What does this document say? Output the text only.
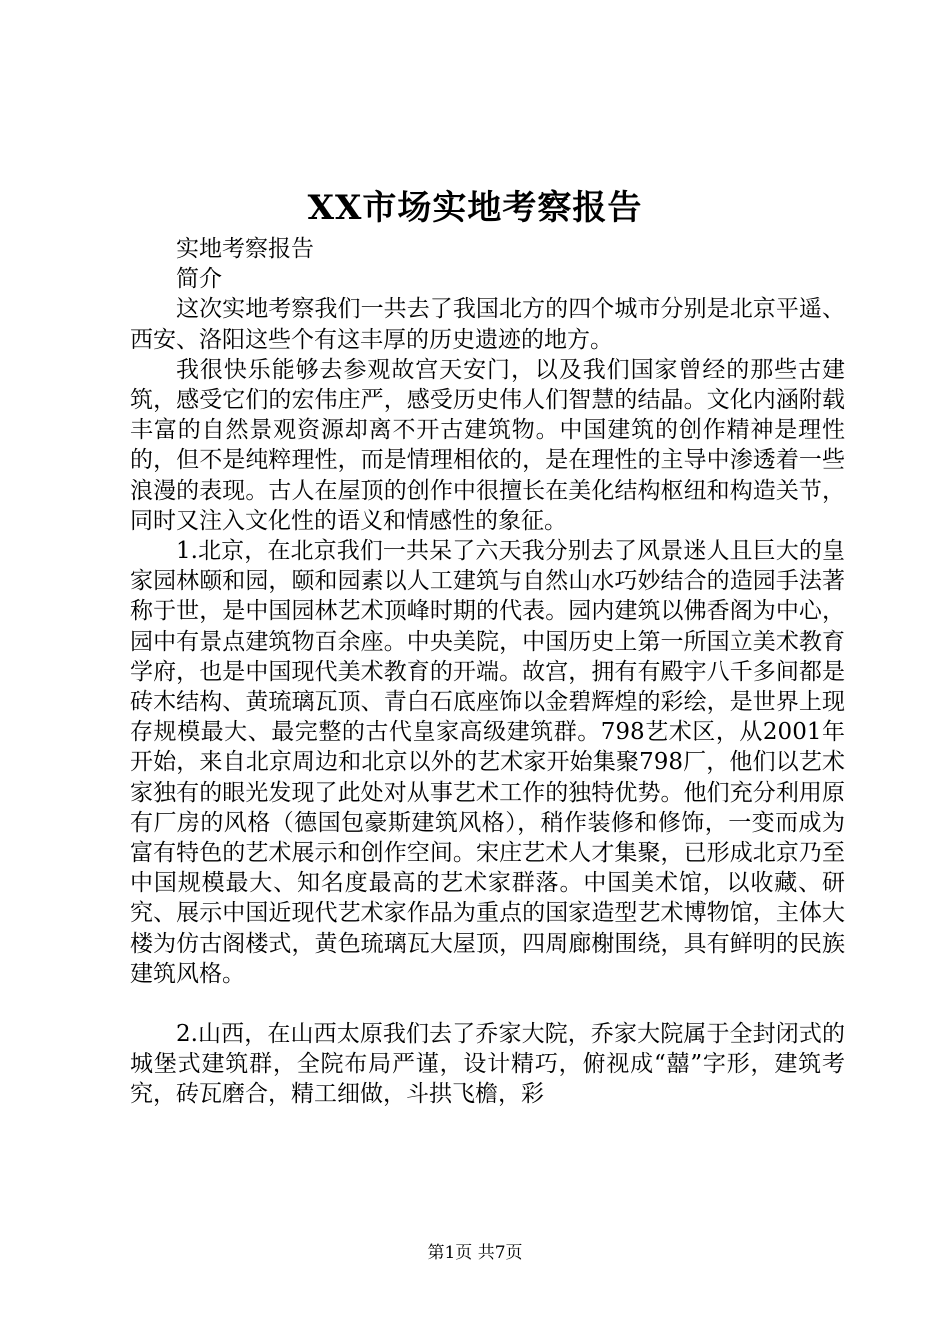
XX市场实地考察报告

实地考察报告

简介

这次实地考察我们一共去了我国北方的四个城市分别是北京平遥、西安、洛阳这些个有这丰厚的历史遗迹的地方。

我很快乐能够去参观故宫天安门，以及我们国家曾经的那些古建筑，感受它们的宏伟庄严，感受历史伟人们智慧的结晶。文化内涵附载丰富的自然景观资源却离不开古建筑物。中国建筑的创作精神是理性的，但不是纯粹理性，而是情理相依的，是在理性的主导中渗透着一些浪漫的表现。古人在屋顶的创作中很擅长在美化结构枢纽和构造关节，同时又注入文化性的语义和情感性的象征。

1.北京，在北京我们一共呆了六天我分别去了风景迷人且巨大的皇家园林颐和园，颐和园素以人工建筑与自然山水巧妙结合的造园手法著称于世，是中国园林艺术顶峰时期的代表。园内建筑以佛香阁为中心，园中有景点建筑物百余座。中央美院，中国历史上第一所国立美术教育学府，也是中国现代美术教育的开端。故宫，拥有有殿宇八千多间都是砖木结构、黄琉璃瓦顶、青白石底座饰以金碧辉煌的彩绘，是世界上现存规模最大、最完整的古代皇家高级建筑群。798艺术区，从2001年开始，来自北京周边和北京以外的艺术家开始集聚798厂，他们以艺术家独有的眼光发现了此处对从事艺术工作的独特优势。他们充分利用原有厂房的风格（德国包豪斯建筑风格），稍作装修和修饰，一变而成为富有特色的艺术展示和创作空间。宋庄艺术人才集聚，已形成北京乃至中国规模最大、知名度最高的艺术家群落。中国美术馆，以收藏、研究、展示中国近现代艺术家作品为重点的国家造型艺术博物馆，主体大楼为仿古阁楼式，黄色琉璃瓦大屋顶，四周廊榭围绕，具有鲜明的民族建筑风格。

2.山西，在山西太原我们去了乔家大院，乔家大院属于全封闭式的城堡式建筑群，全院布局严谨，设计精巧，俯视成“囍”字形，建筑考究，砖瓦磨合，精工细做，斗拱飞檐，彩

第1页 共7页
